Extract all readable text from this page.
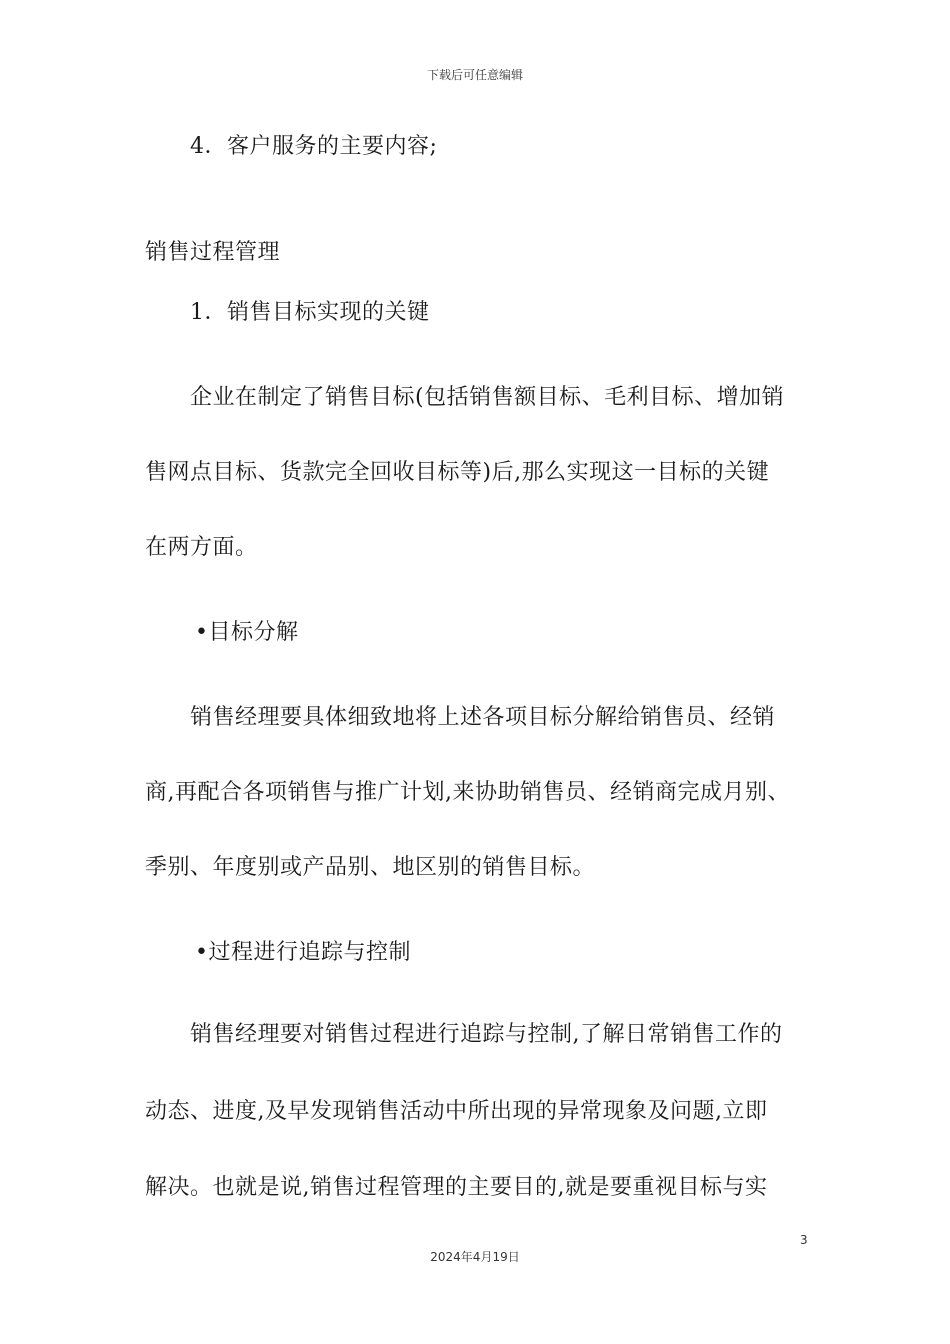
下载后可任意编辑
4．客户服务的主要内容;
销售过程管理
1．销售目标实现的关键
企业在制定了销售目标(包括销售额目标、毛利目标、增加销
售网点目标、货款完全回收目标等)后,那么实现这一目标的关键
在两方面。
•目标分解
销售经理要具体细致地将上述各项目标分解给销售员、经销
商,再配合各项销售与推广计划,来协助销售员、经销商完成月别、
季别、年度别或产品别、地区别的销售目标。
•过程进行追踪与控制
销售经理要对销售过程进行追踪与控制,了解日常销售工作的
动态、进度,及早发现销售活动中所出现的异常现象及问题,立即
解决。也就是说,销售过程管理的主要目的,就是要重视目标与实
3
2024年4月19日
